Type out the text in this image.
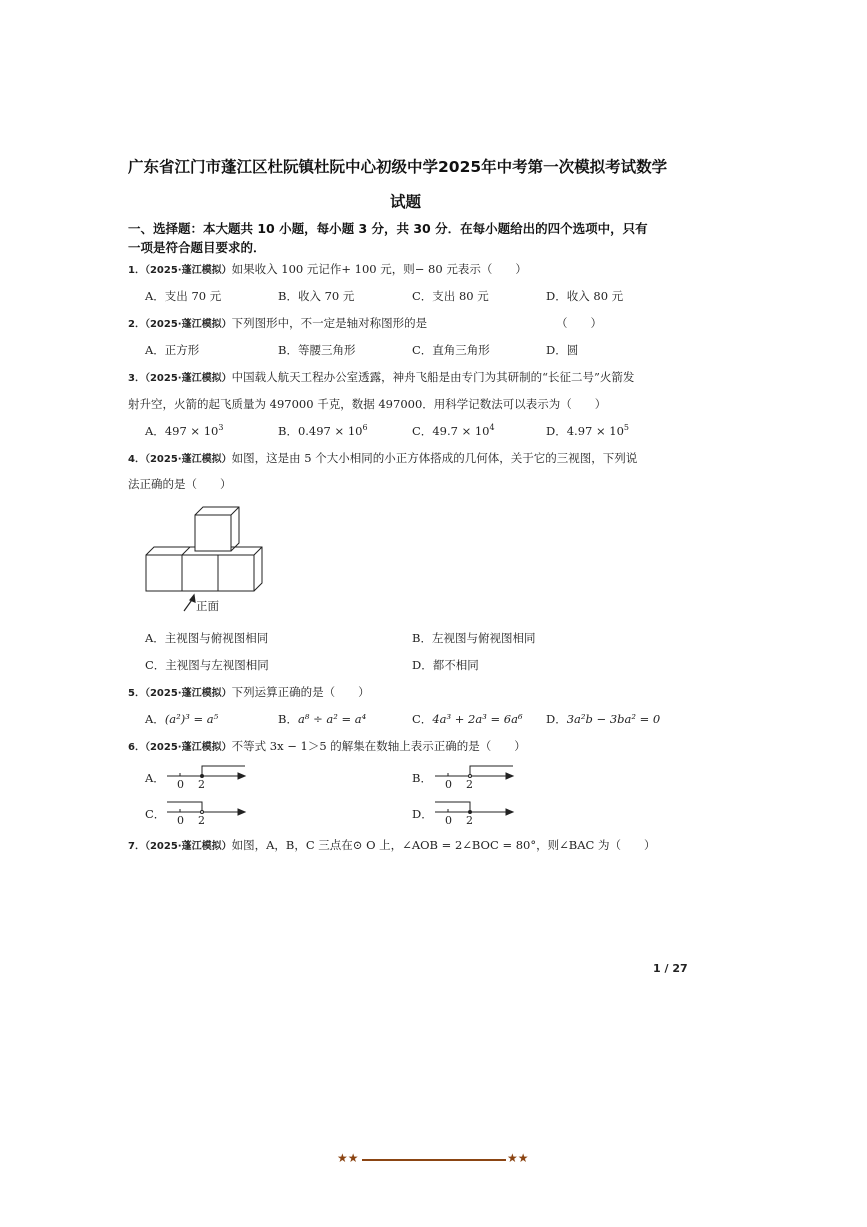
广东省江门市蓬江区杜阮镇杜阮中心初级中学2025年中考第一次模拟考试数学
试题
一、选择题：本大题共 10 小题，每小题 3 分，共 30 分．在每小题给出的四个选项中，只有
一项是符合题目要求的．
1．（2025·蓬江模拟）如果收入 100 元记作+ 100 元，则− 80 元表示（　　）
A．支出 70 元	B．收入 70 元	C．支出 80 元	D．收入 80 元
2．（2025·蓬江模拟）下列图形中，不一定是轴对称图形的是	（　　）
A．正方形	B．等腰三角形	C．直角三角形	D．圆
3．（2025·蓬江模拟）中国载人航天工程办公室透露，神舟飞船是由专门为其研制的“长征二号”火箭发
射升空，火箭的起飞质量为 497000 千克，数据 497000．用科学记数法可以表示为（　　）
A．$497 \times 10^3$	B．$0.497 \times 10^6$	C．$49.7 \times 10^4$	D．$4.97 \times 10^5$
4．（2025·蓬江模拟）如图，这是由 5 个大小相同的小正方体搭成的几何体，关于它的三视图，下列说
法正确的是（　　）
正面
A．主视图与俯视图相同	B．左视图与俯视图相同
C．主视图与左视图相同	D．都不相同
5．（2025·蓬江模拟）下列运算正确的是（　　）
A．(a²)³ = a⁵	B．a⁸ ÷ a² = a⁴	C．4a³ + 2a³ = 6a⁶ D．3a²b − 3ba² = 0
6．（2025·蓬江模拟）不等式 3x − 1＞5 的解集在数轴上表示正确的是（　　）
A． 0 2	B． 0 2
C． 0 2	D． 0 2
7．（2025·蓬江模拟）如图，A，B，C 三点在⊙ O 上，∠AOB = 2∠BOC = 80°，则∠BAC 为（　　）
1 / 27
★★	★★
